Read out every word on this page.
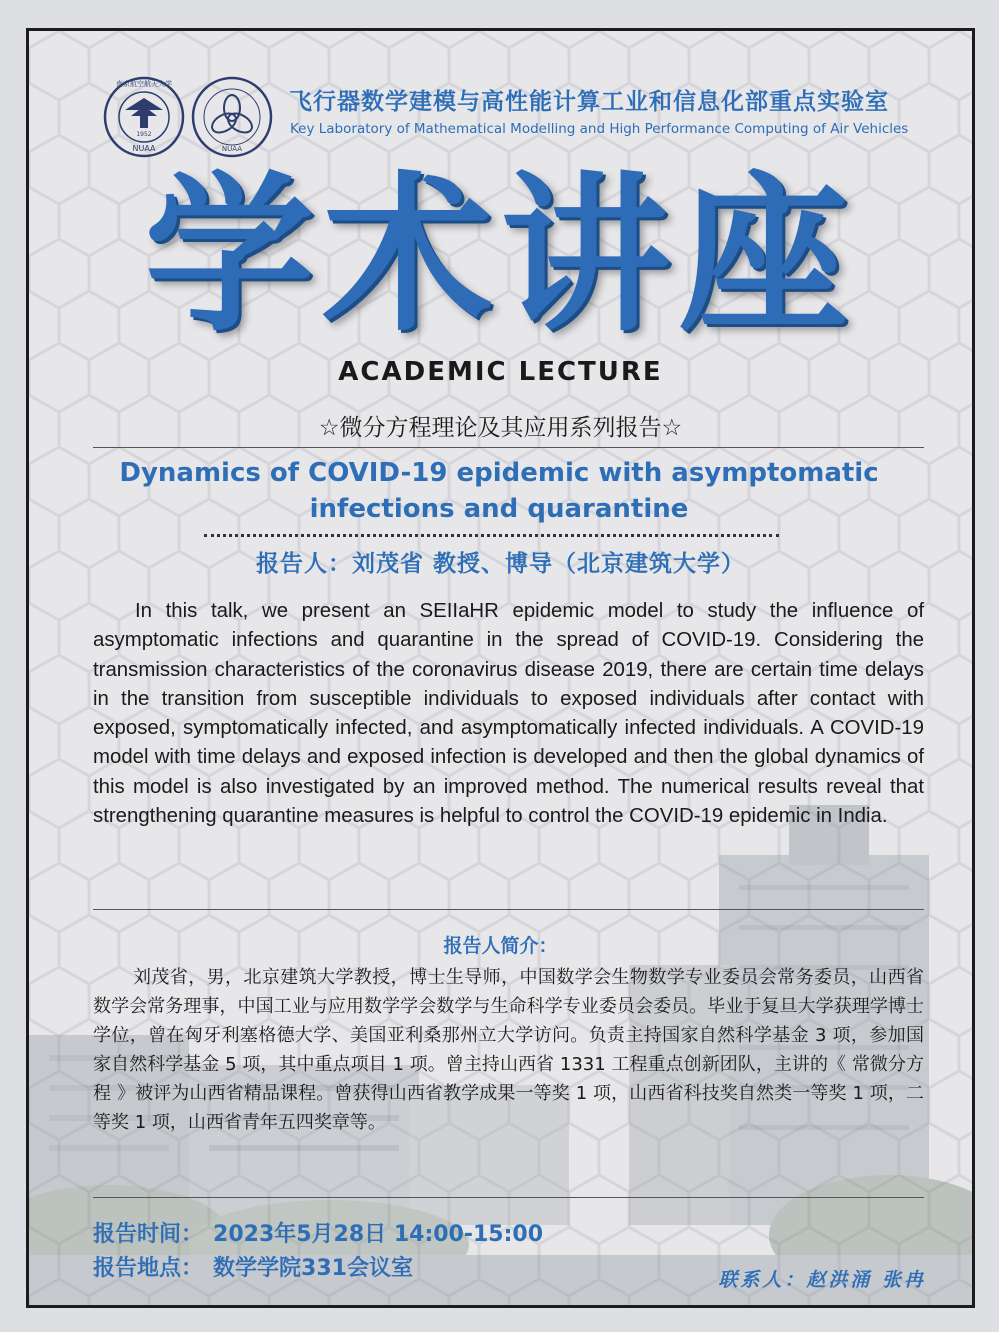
1952
NUAA
南京航空航天大学
NUAA
飞行器数学建模与高性能计算工业和信息化部重点实验室
Key Laboratory of Mathematical Modelling and High Performance Computing of Air Vehicles
学术讲座
ACADEMIC LECTURE
☆微分方程理论及其应用系列报告☆
Dynamics of COVID-19 epidemic with asymptomatic infections and quarantine
报告人：刘茂省 教授、博导（北京建筑大学）

In this talk, we present an SEIIaHR epidemic model to study the influence of asymptomatic infections and quarantine in the spread of COVID-19. Considering the transmission characteristics of the coronavirus disease 2019, there are certain time delays in the transition from susceptible individuals to exposed individuals after contact with exposed, symptomatically infected, and asymptomatically infected individuals. A COVID-19 model with time delays and exposed infection is developed and then the global dynamics of this model is also investigated by an improved method. The numerical results reveal that strengthening quarantine measures is helpful to control the COVID-19 epidemic in India.

报告人简介：

刘茂省，男，北京建筑大学教授，博士生导师，中国数学会生物数学专业委员会常务委员，山西省数学会常务理事，中国工业与应用数学学会数学与生命科学专业委员会委员。毕业于复旦大学获理学博士学位，曾在匈牙利塞格德大学、美国亚利桑那州立大学访问。负责主持国家自然科学基金 3 项，参加国家自然科学基金 5 项，其中重点项目 1 项。曾主持山西省 1331 工程重点创新团队，主讲的《 常微分方程 》被评为山西省精品课程。曾获得山西省教学成果一等奖 1 项，山西省科技奖自然类一等奖 1 项，二等奖 1 项，山西省青年五四奖章等。

报告时间： 2023年5月28日 14:00-15:00
报告地点： 数学学院331会议室	联系人：赵洪涌 张冉
